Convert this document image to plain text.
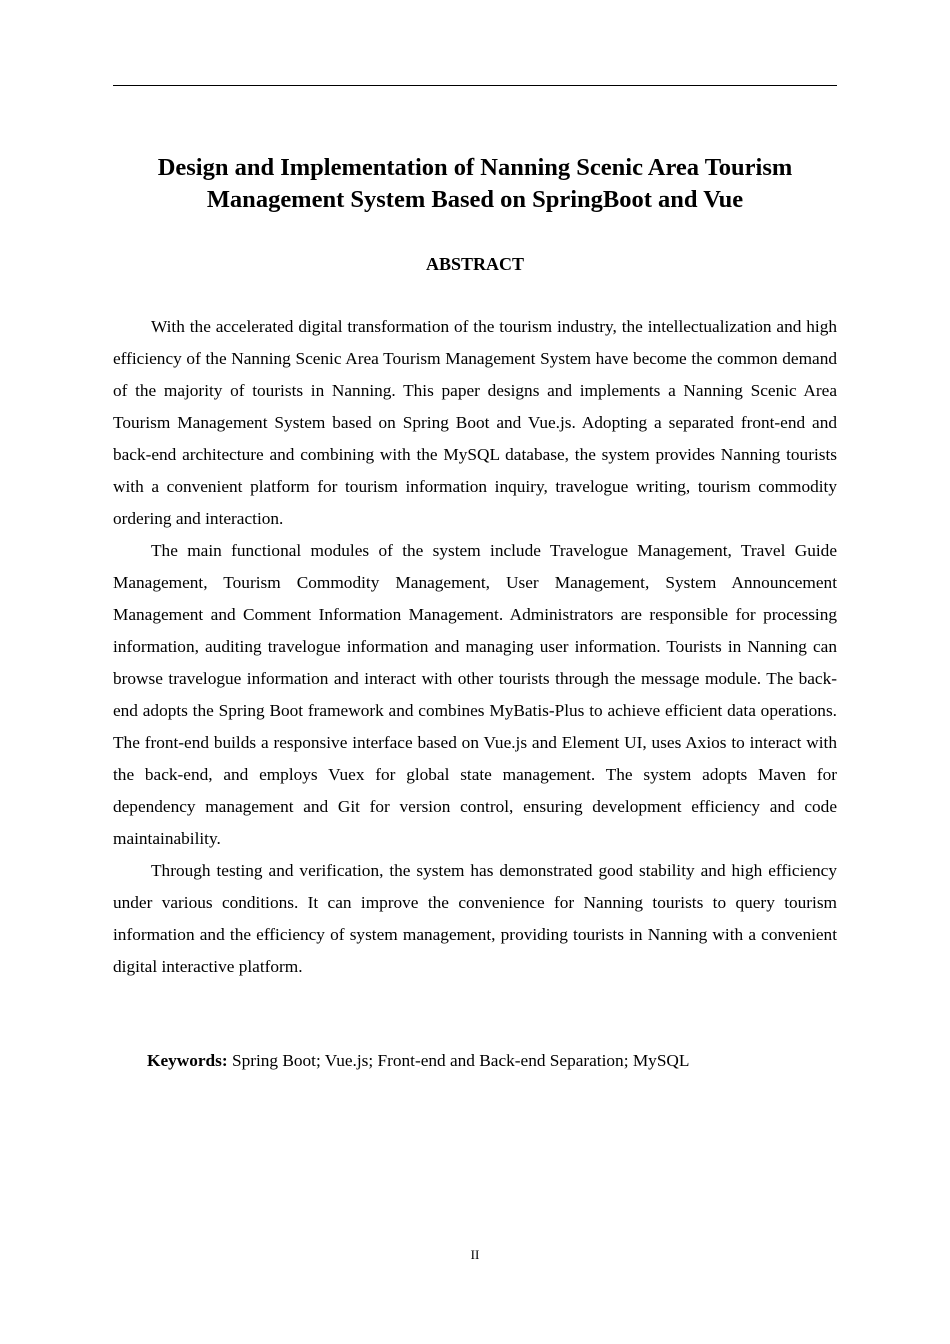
Design and Implementation of Nanning Scenic Area Tourism Management System Based on SpringBoot and Vue
ABSTRACT

With the accelerated digital transformation of the tourism industry, the intellectualization and high efficiency of the Nanning Scenic Area Tourism Management System have become the common demand of the majority of tourists in Nanning. This paper designs and implements a Nanning Scenic Area Tourism Management System based on Spring Boot and Vue.js. Adopting a separated front-end and back-end architecture and combining with the MySQL database, the system provides Nanning tourists with a convenient platform for tourism information inquiry, travelogue writing, tourism commodity ordering and interaction.

The main functional modules of the system include Travelogue Management, Travel Guide Management, Tourism Commodity Management, User Management, System Announcement Management and Comment Information Management. Administrators are responsible for processing information, auditing travelogue information and managing user information. Tourists in Nanning can browse travelogue information and interact with other tourists through the message module. The back-end adopts the Spring Boot framework and combines MyBatis-Plus to achieve efficient data operations. The front-end builds a responsive interface based on Vue.js and Element UI, uses Axios to interact with the back-end, and employs Vuex for global state management. The system adopts Maven for dependency management and Git for version control, ensuring development efficiency and code maintainability.

Through testing and verification, the system has demonstrated good stability and high efficiency under various conditions. It can improve the convenience for Nanning tourists to query tourism information and the efficiency of system management, providing tourists in Nanning with a convenient digital interactive platform.

Keywords: Spring Boot; Vue.js; Front-end and Back-end Separation; MySQL

II
